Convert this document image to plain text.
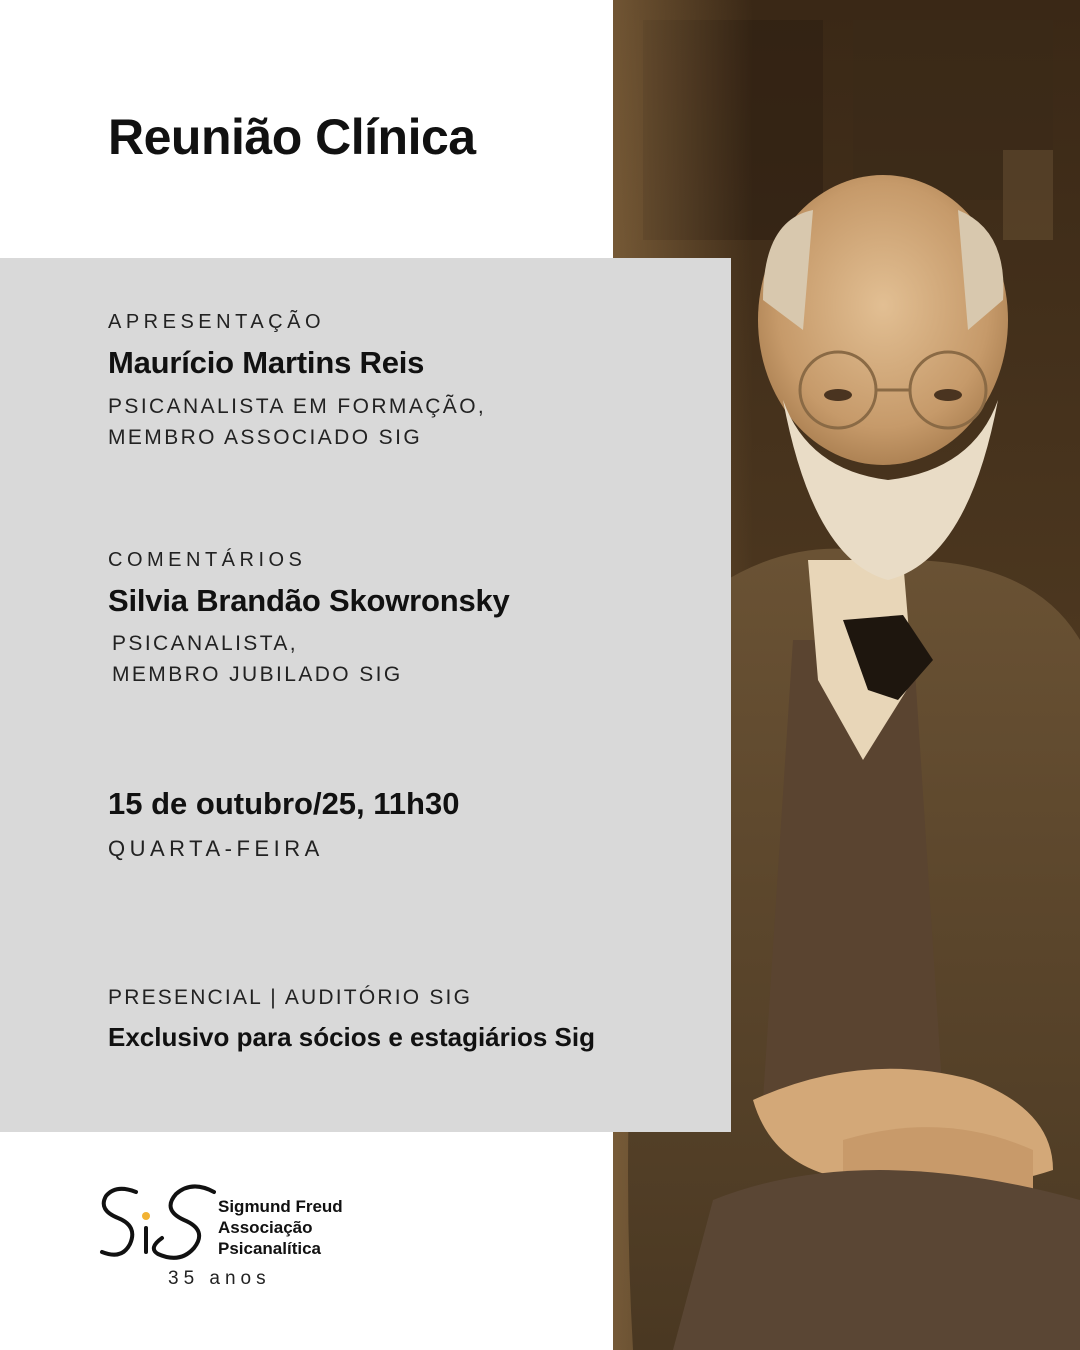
Reunião Clínica
APRESENTAÇÃO
Maurício Martins Reis
PSICANALISTA EM FORMAÇÃO,
MEMBRO ASSOCIADO SIG
COMENTÁRIOS
Silvia Brandão Skowronsky
PSICANALISTA,
MEMBRO JUBILADO SIG
15 de outubro/25, 11h30
QUARTA-FEIRA
PRESENCIAL | AUDITÓRIO SIG
Exclusivo para sócios e estagiários Sig
Sigmund Freud
Associação
Psicanalítica
35 anos
